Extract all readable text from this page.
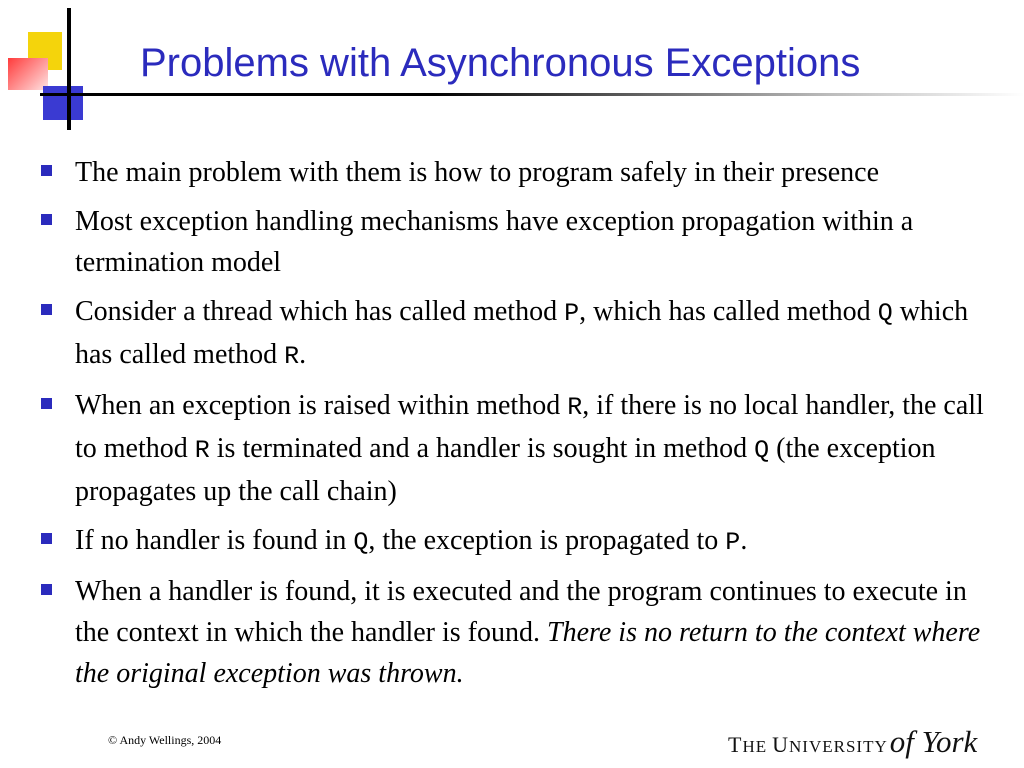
Problems with Asynchronous Exceptions
The main problem with them is how to program safely in their presence
Most exception handling mechanisms have exception propagation within a termination model
Consider a thread which has called method P, which has called method Q which has called method R.
When an exception is raised within method R, if there is no local handler, the call to method R is terminated and a handler is sought in method Q (the exception propagates up the call chain)
If no handler is found in Q, the exception is propagated to P.
When a handler is found, it is executed and the program continues to execute in the context in which the handler is found. There is no return to the context where the original exception was thrown.
© Andy Wellings, 2004	THE UNIVERSITYof York
